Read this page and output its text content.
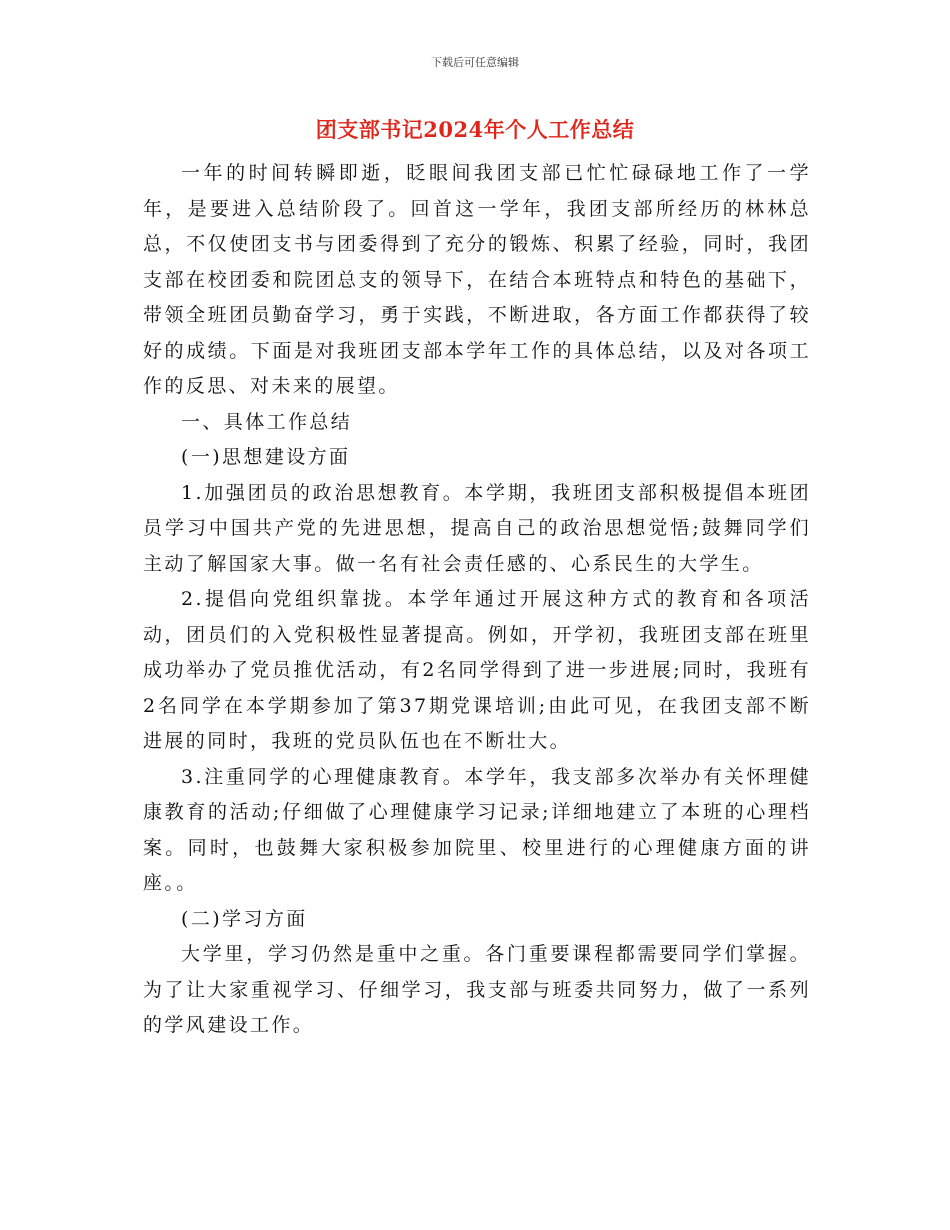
下载后可任意编辑
团支部书记2024年个人工作总结

一年的时间转瞬即逝，眨眼间我团支部已忙忙碌碌地工作了一学年，是要进入总结阶段了。回首这一学年，我团支部所经历的林林总总，不仅使团支书与团委得到了充分的锻炼、积累了经验，同时，我团支部在校团委和院团总支的领导下，在结合本班特点和特色的基础下，带领全班团员勤奋学习，勇于实践，不断进取，各方面工作都获得了较好的成绩。下面是对我班团支部本学年工作的具体总结，以及对各项工作的反思、对未来的展望。

一、具体工作总结

(一)思想建设方面

1.加强团员的政治思想教育。本学期，我班团支部积极提倡本班团员学习中国共产党的先进思想，提高自己的政治思想觉悟;鼓舞同学们主动了解国家大事。做一名有社会责任感的、心系民生的大学生。

2.提倡向党组织靠拢。本学年通过开展这种方式的教育和各项活动，团员们的入党积极性显著提高。例如，开学初，我班团支部在班里成功举办了党员推优活动，有2名同学得到了进一步进展;同时，我班有2名同学在本学期参加了第37期党课培训;由此可见，在我团支部不断进展的同时，我班的党员队伍也在不断壮大。

3.注重同学的心理健康教育。本学年，我支部多次举办有关怀理健康教育的活动;仔细做了心理健康学习记录;详细地建立了本班的心理档案。同时，也鼓舞大家积极参加院里、校里进行的心理健康方面的讲座。。

(二)学习方面

大学里，学习仍然是重中之重。各门重要课程都需要同学们掌握。为了让大家重视学习、仔细学习，我支部与班委共同努力，做了一系列的学风建设工作。
